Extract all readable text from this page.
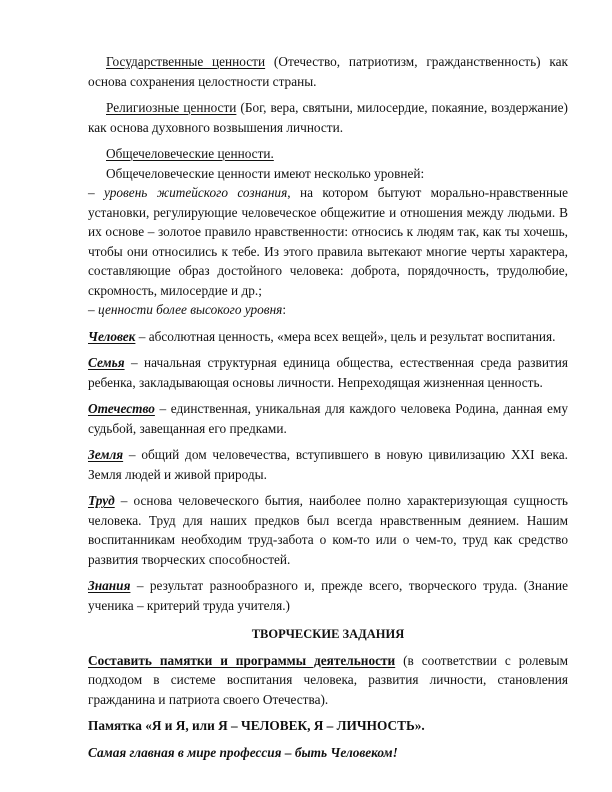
Государственные ценности (Отечество, патриотизм, гражданственность) как основа сохранения целостности страны.

Религиозные ценности (Бог, вера, святыни, милосердие, покаяние, воздержание) как основа духовного возвышения личности.

Общечеловеческие ценности.

Общечеловеческие ценности имеют несколько уровней:

– уровень житейского сознания, на котором бытуют морально-нравственные установки, регулирующие человеческое общежитие и отношения между людьми. В их основе – золотое правило нравственности: относись к людям так, как ты хочешь, чтобы они относились к тебе. Из этого правила вытекают многие черты характера, составляющие образ достойного человека: доброта, порядочность, трудолюбие, скромность, милосердие и др.;

– ценности более высокого уровня:

Человек – абсолютная ценность, «мера всех вещей», цель и результат воспитания.

Семья – начальная структурная единица общества, естественная среда развития ребенка, закладывающая основы личности. Непреходящая жизненная ценность.

Отечество – единственная, уникальная для каждого человека Родина, данная ему судьбой, завещанная его предками.

Земля – общий дом человечества, вступившего в новую цивилизацию XXI века. Земля людей и живой природы.

Труд – основа человеческого бытия, наиболее полно характеризующая сущность человека. Труд для наших предков был всегда нравственным деянием. Нашим воспитанникам необходим труд-забота о ком-то или о чем-то, труд как средство развития творческих способностей.

Знания – результат разнообразного и, прежде всего, творческого труда. (Знание ученика – критерий труда учителя.)

ТВОРЧЕСКИЕ ЗАДАНИЯ

Составить памятки и программы деятельности (в соответствии с ролевым подходом в системе воспитания человека, развития личности, становления гражданина и патриота своего Отечества).

Памятка «Я и Я, или Я – ЧЕЛОВЕК, Я – ЛИЧНОСТЬ».

Самая главная в мире профессия – быть Человеком!
